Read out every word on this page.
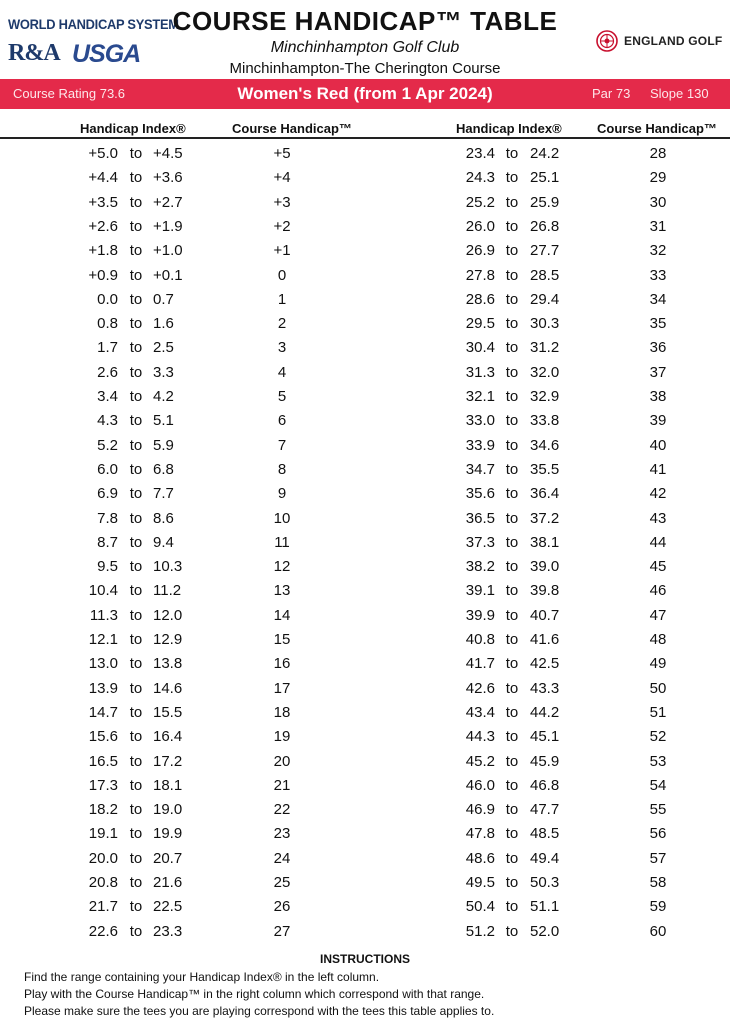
WORLD HANDICAP SYSTEM
R&A USGA	ENGLAND GOLF
COURSE HANDICAP™ TABLE
Minchinhampton Golf Club
Minchinhampton-The Cherington Course
Course Rating 73.6	Women's Red (from 1 Apr 2024)	Par 73 Slope 130
Handicap Index®	Course Handicap™	Handicap Index®	Course Handicap™
+5.0 to +4.5	+5
+4.4 to +3.6	+4
+3.5 to +2.7	+3
+2.6 to +1.9	+2
+1.8 to +1.0	+1
+0.9 to +0.1	0
0.0 to 0.7	1
0.8 to 1.6	2
1.7 to 2.5	3
2.6 to 3.3	4
3.4 to 4.2	5
4.3 to 5.1	6
5.2 to 5.9	7
6.0 to 6.8	8
6.9 to 7.7	9
7.8 to 8.6	10
8.7 to 9.4	11
9.5 to 10.3	12
10.4 to 11.2	13
11.3 to 12.0	14
12.1 to 12.9	15
13.0 to 13.8	16
13.9 to 14.6	17
14.7 to 15.5	18
15.6 to 16.4	19
16.5 to 17.2	20
17.3 to 18.1	21
18.2 to 19.0	22
19.1 to 19.9	23
20.0 to 20.7	24
20.8 to 21.6	25
21.7 to 22.5	26
22.6 to 23.3	27
23.4 to 24.2	28
24.3 to 25.1	29
25.2 to 25.9	30
26.0 to 26.8	31
26.9 to 27.7	32
27.8 to 28.5	33
28.6 to 29.4	34
29.5 to 30.3	35
30.4 to 31.2	36
31.3 to 32.0	37
32.1 to 32.9	38
33.0 to 33.8	39
33.9 to 34.6	40
34.7 to 35.5	41
35.6 to 36.4	42
36.5 to 37.2	43
37.3 to 38.1	44
38.2 to 39.0	45
39.1 to 39.8	46
39.9 to 40.7	47
40.8 to 41.6	48
41.7 to 42.5	49
42.6 to 43.3	50
43.4 to 44.2	51
44.3 to 45.1	52
45.2 to 45.9	53
46.0 to 46.8	54
46.9 to 47.7	55
47.8 to 48.5	56
48.6 to 49.4	57
49.5 to 50.3	58
50.4 to 51.1	59
51.2 to 52.0	60
INSTRUCTIONS
Find the range containing your Handicap Index® in the left column.
Play with the Course Handicap™ in the right column which correspond with that range.
Please make sure the tees you are playing correspond with the tees this table applies to.
